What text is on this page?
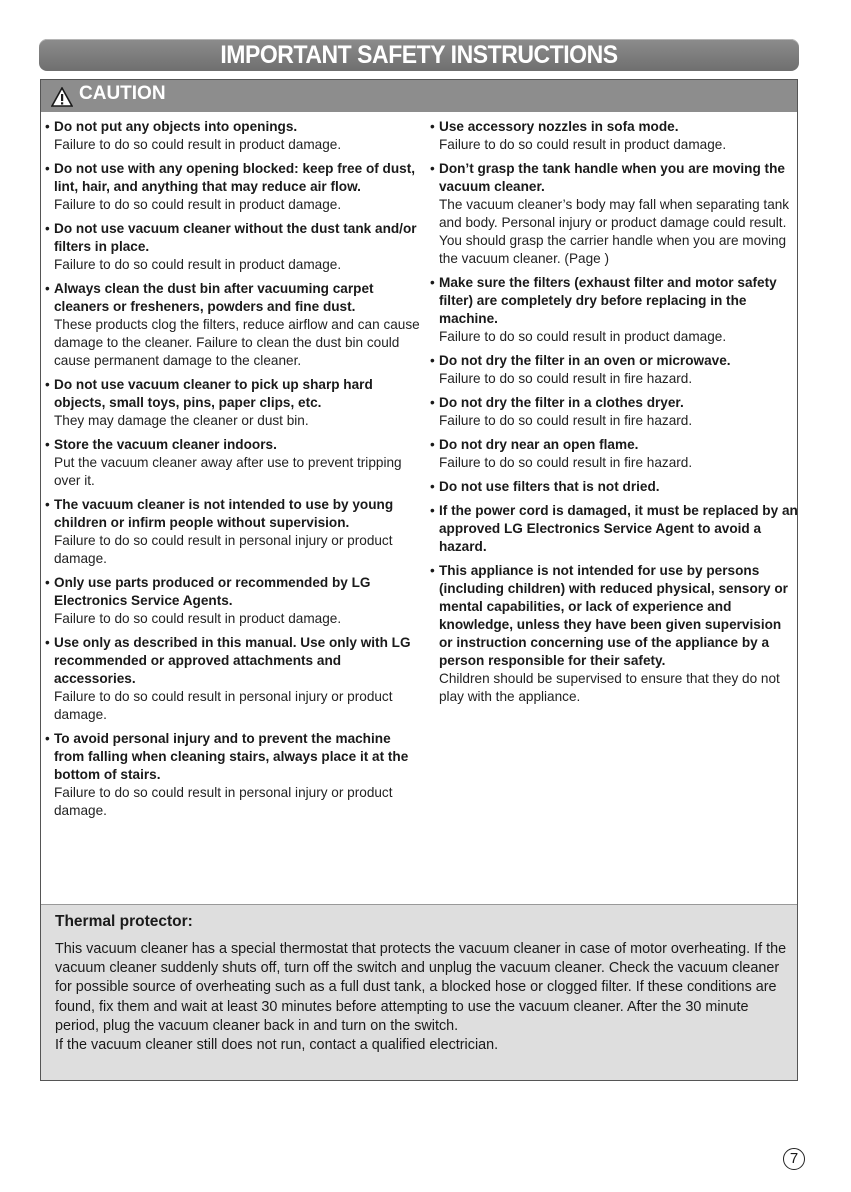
IMPORTANT SAFETY INSTRUCTIONS
CAUTION
• Do not put any objects into openings.
Failure to do so could result in product damage.
• Do not use with any opening blocked: keep free of dust, lint, hair, and anything that may reduce air flow.
Failure to do so could result in product damage.
• Do not use vacuum cleaner without the dust tank and/or filters in place.
Failure to do so could result in product damage.
• Always clean the dust bin after vacuuming carpet cleaners or fresheners, powders and fine dust.
These products clog the filters, reduce airflow and can cause damage to the cleaner. Failure to clean the dust bin could cause permanent damage to the cleaner.
• Do not use vacuum cleaner to pick up sharp hard objects, small toys, pins, paper clips, etc.
They may damage the cleaner or dust bin.
• Store the vacuum cleaner indoors.
Put the vacuum cleaner away after use to prevent tripping over it.
• The vacuum cleaner is not intended to use by young children or infirm people without supervision.
Failure to do so could result in personal injury or product damage.
• Only use parts produced or recommended by LG Electronics Service Agents.
Failure to do so could result in product damage.
• Use only as described in this manual. Use only with LG recommended or approved attachments and accessories.
Failure to do so could result in personal injury or product damage.
• To avoid personal injury and to prevent the machine from falling when cleaning stairs, always place it at the bottom of stairs.
Failure to do so could result in personal injury or product damage.
• Use accessory nozzles in sofa mode.
Failure to do so could result in product damage.
• Don’t grasp the tank handle when you are moving the vacuum cleaner.
The vacuum cleaner’s body may fall when separating tank and body. Personal injury or product damage could result. You should grasp the carrier handle when you are moving the vacuum cleaner. (Page )
• Make sure the filters (exhaust filter and motor safety filter) are completely dry before replacing in the machine.
Failure to do so could result in product damage.
• Do not dry the filter in an oven or microwave.
Failure to do so could result in fire hazard.
• Do not dry the filter in a clothes dryer.
Failure to do so could result in fire hazard.
• Do not dry near an open flame.
Failure to do so could result in fire hazard.
• Do not use filters that is not dried.
• If the power cord is damaged, it must be replaced by an approved LG Electronics Service Agent to avoid a hazard.
• This appliance is not intended for use by persons (including children) with reduced physical, sensory or mental capabilities, or lack of experience and knowledge, unless they have been given supervision or instruction concerning use of the appliance by a person responsible for their safety.
Children should be supervised to ensure that they do not play with the appliance.
Thermal protector:
This vacuum cleaner has a special thermostat that protects the vacuum cleaner in case of motor overheating. If the vacuum cleaner suddenly shuts off, turn off the switch and unplug the vacuum cleaner. Check the vacuum cleaner for possible source of overheating such as a full dust tank, a blocked hose or clogged filter. If these conditions are found, fix them and wait at least 30 minutes before attempting to use the vacuum cleaner. After the 30 minute period, plug the vacuum cleaner back in and turn on the switch.
If the vacuum cleaner still does not run, contact a qualified electrician.
7
